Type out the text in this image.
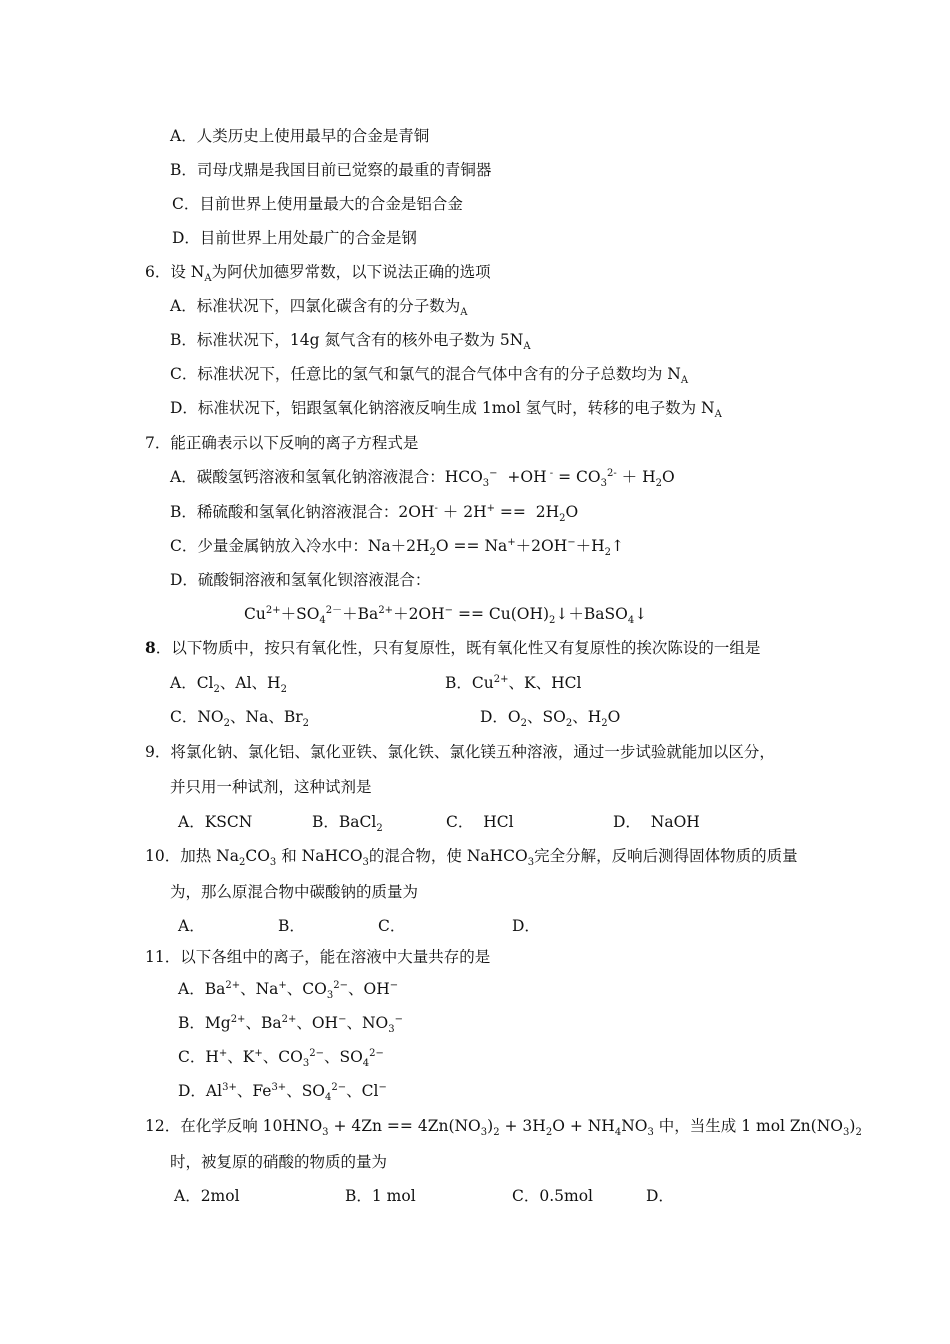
A．人类历史上使用最早的合金是青铜
B．司母戊鼎是我国目前已觉察的最重的青铜器
C．目前世界上使用量最大的合金是铝合金
D．目前世界上用处最广的合金是钢
6．设 $N_A$为阿伏加德罗常数，以下说法正确的选项
A．标准状况下，四氯化碳含有的分子数为$_A$
B．标准状况下，14g 氮气含有的核外电子数为 $5N_A$
C．标准状况下，任意比的氢气和氯气的混合气体中含有的分子总数均为 $N_A$
D．标准状况下，铝跟氢氧化钠溶液反响生成 1mol 氢气时，转移的电子数为 $N_A$
7．能正确表示以下反响的离子方程式是
A．碳酸氢钙溶液和氢氧化钠溶液混合：$HCO_3^- +OH$ $^- = CO_3^{2-} + H_2O$
B．稀硫酸和氢氧化钠溶液混合：$2OH^- + 2H^+ == 2H_2O$
C．少量金属钠放入冷水中：$Na+2H_2O$ == $Na^++2OH^-+H_2↑$
D．硫酸铜溶液和氢氧化钡溶液混合：
$Cu^{2+}+SO_4^{2-}+Ba^{2+}+2OH^-$ == $Cu(OH)_2↓+BaSO_4↓$
8．以下物质中，按只有氧化性，只有复原性，既有氧化性又有复原性的挨次陈设的一组是
A．$Cl_2$、Al、$H_2$	B．$Cu^{2+}$、K、HCl
C．$NO_2$、Na、$Br_2$	D．$O_2$、$SO_2$、$H_2O$
9．将氯化钠、氯化铝、氯化亚铁、氯化铁、氯化镁五种溶液，通过一步试验就能加以区分，
并只用一种试剂，这种试剂是
A．KSCN	B．BaCl$_2$	C．  HCl	D．  NaOH
10．加热 $Na_2CO_3$ 和 NaHCO$_3$的混合物，使 NaHCO$_3$完全分解，反响后测得固体物质的质量
为，那么原混合物中碳酸钠的质量为
A．	B．	C．	D．
11．以下各组中的离子，能在溶液中大量共存的是
A．$Ba^{2+}$、Na+、$CO_3^{2-}$、OH−
B．$Mg^{2+}$、$Ba^{2+}$、OH−、$NO_3^-$
C．H+、K+、$CO_3^{2-}$、$SO_4^{2-}$
D．$Al^{3+}$、$Fe^{3+}$、$SO_4^{2-}$、Cl−
12．在化学反响 $10HNO_3 + 4Zn == 4Zn(NO_3)_2 + 3H_2O + NH_4NO_3$ 中，当生成 1 mol $Zn(NO_3)_2$
时，被复原的硝酸的物质的量为
A．2mol	B．1 mol	C．0.5mol	D．
